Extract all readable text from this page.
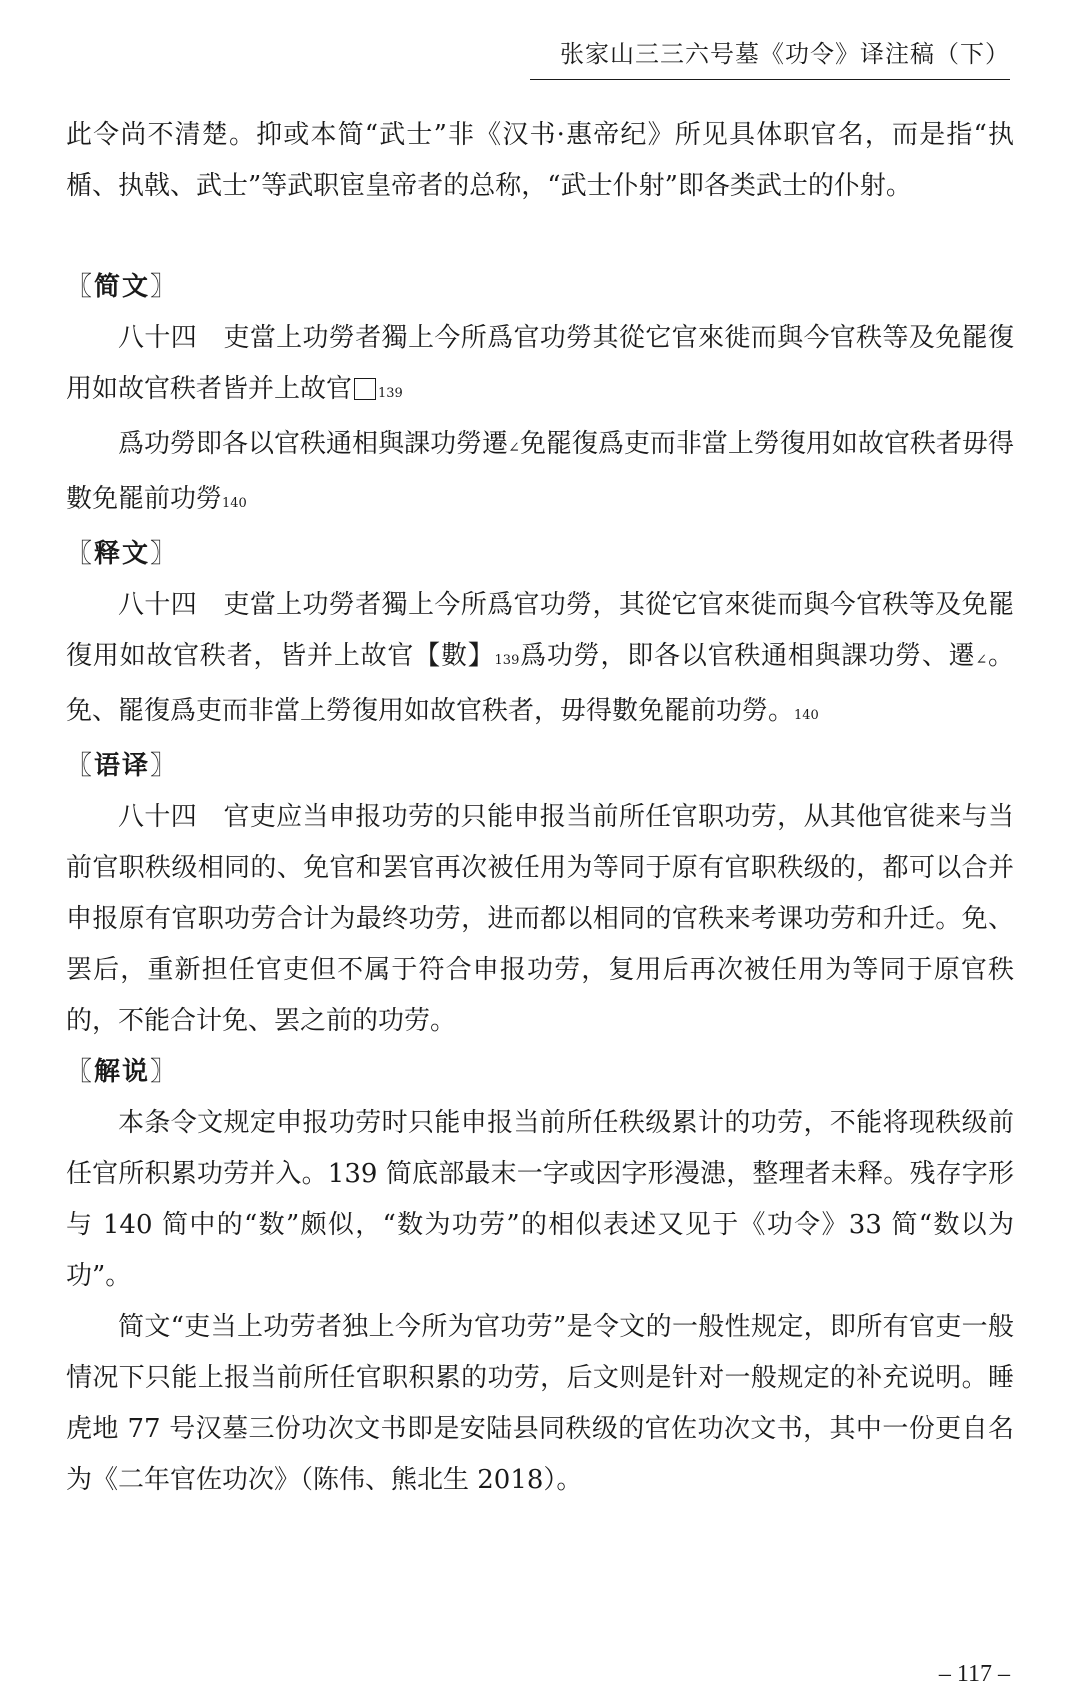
张家山三三六号墓《功令》译注稿（下）

此令尚不清楚。抑或本简“武士”非《汉书·惠帝纪》所见具体职官名，而是指“执楯、执戟、武士”等武职宦皇帝者的总称，“武士仆射”即各类武士的仆射。

〖简文〗

八十四　吏當上功勞者獨上今所爲官功勞其從它官來徙而與今官秩等及免罷復用如故官秩者皆并上故官 139

爲功勞即各以官秩通相與課功勞遷∠免罷復爲吏而非當上勞復用如故官秩者毋得數免罷前功勞140

〖释文〗

八十四　吏當上功勞者獨上今所爲官功勞，其從它官來徙而與今官秩等及免罷復用如故官秩者，皆并上故官【數】139爲功勞，即各以官秩通相與課功勞、遷∠。免、罷復爲吏而非當上勞復用如故官秩者，毋得數免罷前功勞。140

〖语译〗

八十四　官吏应当申报功劳的只能申报当前所任官职功劳，从其他官徙来与当前官职秩级相同的、免官和罢官再次被任用为等同于原有官职秩级的，都可以合并申报原有官职功劳合计为最终功劳，进而都以相同的官秩来考课功劳和升迁。免、罢后，重新担任官吏但不属于符合申报功劳，复用后再次被任用为等同于原官秩的，不能合计免、罢之前的功劳。

〖解说〗

本条令文规定申报功劳时只能申报当前所任秩级累计的功劳，不能将现秩级前任官所积累功劳并入。139 简底部最末一字或因字形漫漶，整理者未释。残存字形与 140 简中的“数”颇似，“数为功劳”的相似表述又见于《功令》33 简“数以为功”。

简文“吏当上功劳者独上今所为官功劳”是令文的一般性规定，即所有官吏一般情况下只能上报当前所任官职积累的功劳，后文则是针对一般规定的补充说明。睡虎地 77 号汉墓三份功次文书即是安陆县同秩级的官佐功次文书，其中一份更自名为《二年官佐功次》（陈伟、熊北生 2018）。

– 117 –
